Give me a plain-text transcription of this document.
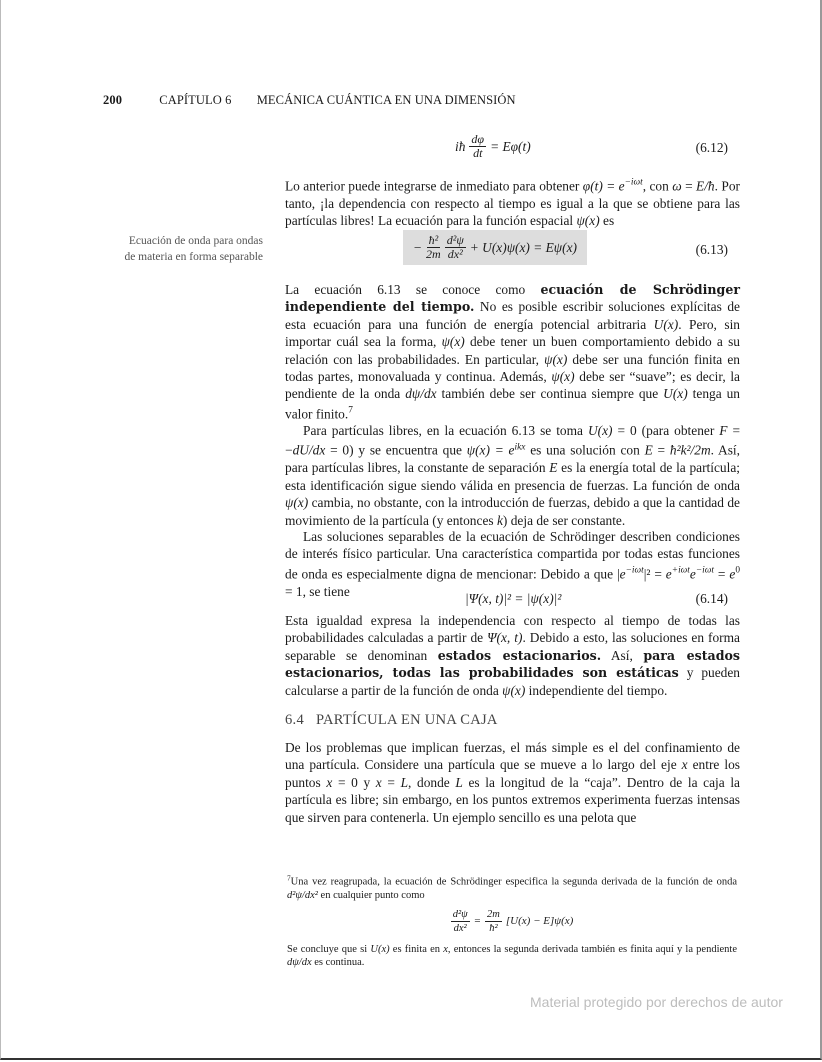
200	CAPÍTULO 6 MECÁNICA CUÁNTICA EN UNA DIMENSIÓN
iħ $\frac{d\varphi}{dt} = E\varphi(t)$	(6.12)

Lo anterior puede integrarse de inmediato para obtener $\varphi(t) = e^{-i\omega t}$, con ω = E/ħ. Por tanto, ¡la dependencia con respecto al tiempo es igual a la que se obtiene para las partículas libres! La ecuación para la función espacial ψ(x) es

Ecuación de onda para ondas
de materia en forma separable
− $\frac{\text{ħ²}}{2m} \frac{\text{d²ψ}}{\text{dx²}} + U(x)\psi(x) = E\psi(x)$	(6.13)

La ecuación 6.13 se conoce como ecuación de Schrödinger independiente del tiempo. No es posible escribir soluciones explícitas de esta ecuación para una función de energía potencial arbitraria U(x). Pero, sin importar cuál sea la forma, ψ(x) debe tener un buen comportamiento debido a su relación con las probabilidades. En particular, ψ(x) debe ser una función finita en todas partes, monovaluada y continua. Además, ψ(x) debe ser “suave”; es decir, la pendiente de la onda dψ/dx también debe ser continua siempre que U(x) tenga un valor finito.$^7$

Para partículas libres, en la ecuación 6.13 se toma U(x) = 0 (para obtener F = −dU/dx = 0) y se encuentra que $\psi(x) = e^{ikx}$ es una solución con E = ħ²k²/2m. Así, para partículas libres, la constante de separación E es la energía total de la partícula; esta identificación sigue siendo válida en presencia de fuerzas. La función de onda ψ(x) cambia, no obstante, con la introducción de fuerzas, debido a que la cantidad de movimiento de la partícula (y entonces k) deja de ser constante.

Las soluciones separables de la ecuación de Schrödinger describen condiciones de interés físico particular. Una característica compartida por todas estas funciones de onda es especialmente digna de mencionar: Debido a que $|e^{-i\omega t}|^2 = e^{+i\omega t}e^{-i\omega t} = e^0 = 1$, se tiene	|Ψ(x, t)|² = |ψ(x)|²	(6.14)

Esta igualdad expresa la independencia con respecto al tiempo de todas las probabilidades calculadas a partir de Ψ(x, t). Debido a esto, las soluciones en forma separable se denominan estados estacionarios. Así, para estados estacionarios, todas las probabilidades son estáticas y pueden calcularse a partir de la función de onda ψ(x) independiente del tiempo.

6.4 PARTÍCULA EN UNA CAJA

De los problemas que implican fuerzas, el más simple es el del confinamiento de una partícula. Considere una partícula que se mueve a lo largo del eje x entre los puntos x = 0 y x = L, donde L es la longitud de la “caja”. Dentro de la caja la partícula es libre; sin embargo, en los puntos extremos experimenta fuerzas intensas que sirven para contenerla. Un ejemplo sencillo es una pelota que

$^7$Una vez reagrupada, la ecuación de Schrödinger especifica la segunda derivada de la función de onda d²ψ/dx² en cualquier punto como

$\frac{\text{d²ψ}}{\text{dx²}} = \frac{2m}{\text{ħ²}} [U(x) - E]\psi(x)$

Se concluye que si U(x) es finita en x, entonces la segunda derivada también es finita aquí y la pendiente dψ/dx es continua.

Material protegido por derechos de autor
